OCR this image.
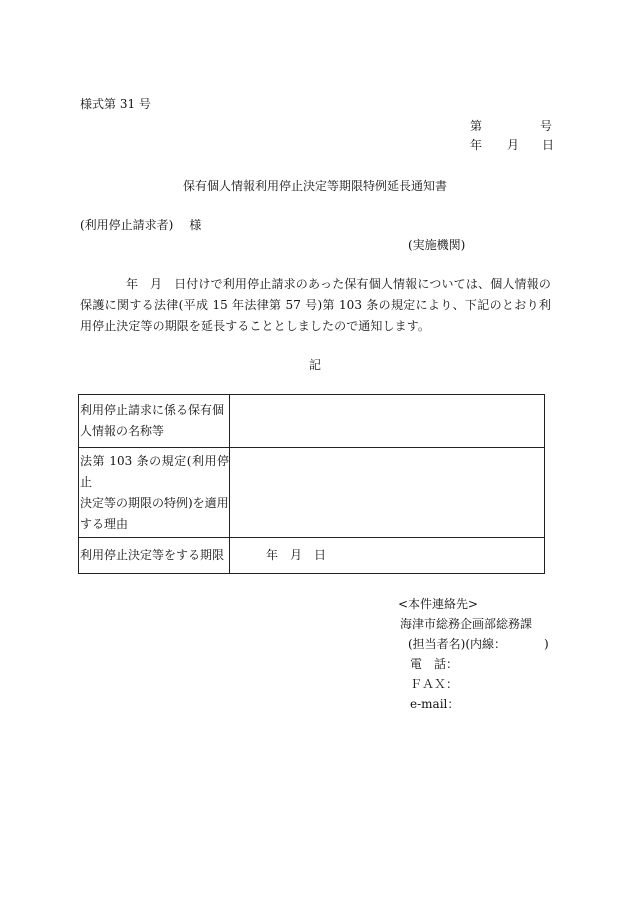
様式第 31 号
第	号
年 月 日
保有個人情報利用停止決定等期限特例延長通知書
(利用停止請求者) 様
(実施機関)

年 月 日付けで利用停止請求のあった保有個人情報については、個人情報の保護に関する法律(平成 15 年法律第 57 号)第 103 条の規定により、下記のとおり利用停止決定等の期限を延長することとしましたので通知します。
記
利用停止請求に係る保有個
人情報の名称等	
法第 103 条の規定(利用停止
決定等の期限の特例)を適用
する理由	
利用停止決定等をする期限	年 月 日
<本件連絡先>
海津市総務企画部総務課
(担当者名)(内線：	)
電　話：
ＦＡＸ：
e-mail：
